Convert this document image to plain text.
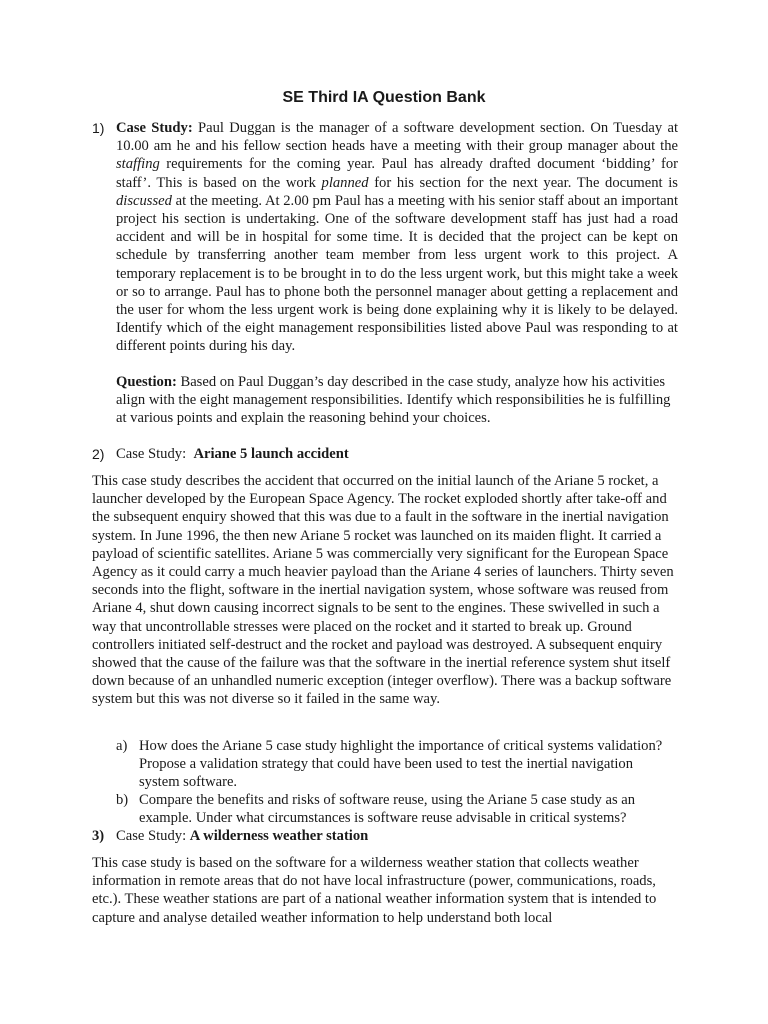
SE Third IA Question Bank
1) Case Study: Paul Duggan is the manager of a software development section. On Tuesday at 10.00 am he and his fellow section heads have a meeting with their group manager about the staffing requirements for the coming year. Paul has already drafted document ‘bidding’ for staff’. This is based on the work planned for his section for the next year. The document is discussed at the meeting. At 2.00 pm Paul has a meeting with his senior staff about an important project his section is undertaking. One of the software development staff has just had a road accident and will be in hospital for some time. It is decided that the project can be kept on schedule by transferring another team member from less urgent work to this project. A temporary replacement is to be brought in to do the less urgent work, but this might take a week or so to arrange. Paul has to phone both the personnel manager about getting a replacement and the user for whom the less urgent work is being done explaining why it is likely to be delayed. Identify which of the eight management responsibilities listed above Paul was responding to at different points during his day.

Question: Based on Paul Duggan’s day described in the case study, analyze how his activities align with the eight management responsibilities. Identify which responsibilities he is fulfilling at various points and explain the reasoning behind your choices.

2) Case Study:  Ariane 5 launch accident

This case study describes the accident that occurred on the initial launch of the Ariane 5 rocket, a launcher developed by the European Space Agency. The rocket exploded shortly after take-off and the subsequent enquiry showed that this was due to a fault in the software in the inertial navigation system. In June 1996, the then new Ariane 5 rocket was launched on its maiden flight. It carried a payload of scientific satellites. Ariane 5 was commercially very significant for the European Space Agency as it could carry a much heavier payload than the Ariane 4 series of launchers. Thirty seven seconds into the flight, software in the inertial navigation system, whose software was reused from Ariane 4, shut down causing incorrect signals to be sent to the engines. These swivelled in such a way that uncontrollable stresses were placed on the rocket and it started to break up. Ground controllers initiated self-destruct and the rocket and payload was destroyed. A subsequent enquiry showed that the cause of the failure was that the software in the inertial reference system shut itself down because of an unhandled numeric exception (integer overflow). There was a backup software system but this was not diverse so it failed in the same way.

a) How does the Ariane 5 case study highlight the importance of critical systems validation? Propose a validation strategy that could have been used to test the inertial navigation system software.

b) Compare the benefits and risks of software reuse, using the Ariane 5 case study as an example. Under what circumstances is software reuse advisable in critical systems?

3) Case Study: A wilderness weather station

This case study is based on the software for a wilderness weather station that collects weather information in remote areas that do not have local infrastructure (power, communications, roads, etc.). These weather stations are part of a national weather information system that is intended to capture and analyse detailed weather information to help understand both local
